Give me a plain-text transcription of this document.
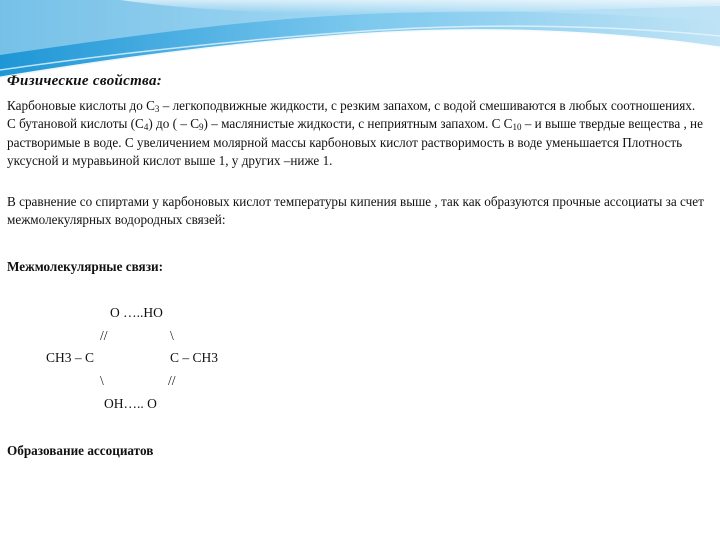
Физические свойства:

Карбоновые кислоты до $С_3$ – легкоподвижные жидкости, с резким запахом, с водой смешиваются в любых соотношениях. С бутановой кислоты $(С_4)$ до ( – $С_9$) – маслянистые жидкости, с неприятным запахом. С $С_{10}$ – и выше твердые вещества , не растворимые в воде. С увеличением молярной массы карбоновых кислот растворимость в воде уменьшается Плотность уксусной и муравьиной кислот выше 1, у других –ниже 1.

В сравнение со спиртами у карбоновых кислот температуры кипения выше , так как образуются прочные ассоциаты за счет межмолекулярных водородных связей:

Межмолекулярные связи:
О …..НО
//	\
СН3 – С	С – СН3
\	//
ОН….. О
Образование ассоциатов
